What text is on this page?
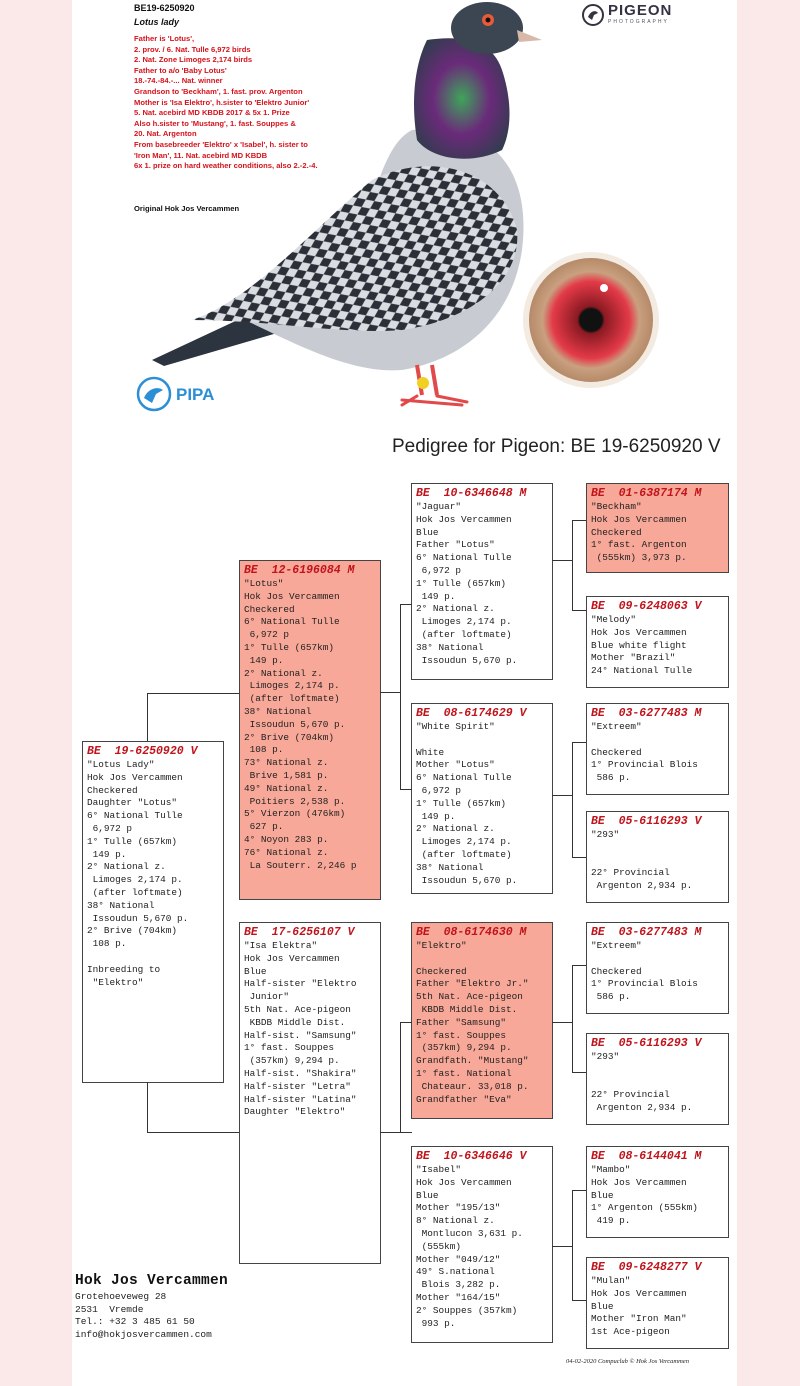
BE19-6250920
Lotus lady
Father is 'Lotus',
2. prov. / 6. Nat. Tulle 6,972 birds
2. Nat. Zone Limoges 2,174 birds
Father to a/o 'Baby Lotus'
18.-74.-84.-... Nat. winner
Grandson to 'Beckham', 1. fast. prov. Argenton
Mother is 'Isa Elektro', h.sister to 'Elektro Junior'
5. Nat. acebird MD KBDB 2017 & 5x 1. Prize
Also h.sister to 'Mustang', 1. fast. Souppes &
20. Nat. Argenton
From basebreeder 'Elektro' x 'Isabel', h. sister to
'Iron Man', 11. Nat. acebird MD KBDB
6x 1. prize on hard weather conditions, also 2.-2.-4.
Original Hok Jos Vercammen
PIGEON
PHOTOGRAPHY
PIPA
Pedigree for Pigeon: BE 19-6250920 V
BE  19-6250920 V
"Lotus Lady"
Hok Jos Vercammen
Checkered
Daughter "Lotus"
6° National Tulle
6,972 p
1° Tulle (657km)
149 p.
2° National z.
Limoges 2,174 p.
(after loftmate)
38° National
Issoudun 5,670 p.
2° Brive (704km)
108 p.

Inbreeding to
"Elektro"
BE  12-6196084 M
"Lotus"
Hok Jos Vercammen
Checkered
6° National Tulle
6,972 p
1° Tulle (657km)
149 p.
2° National z.
Limoges 2,174 p.
(after loftmate)
38° National
Issoudun 5,670 p.
2° Brive (704km)
108 p.
73° National z.
Brive 1,581 p.
49° National z.
Poitiers 2,538 p.
5° Vierzon (476km)
627 p.
4° Noyon 283 p.
76° National z.
La Souterr. 2,246 p
BE  17-6256107 V
"Isa Elektra"
Hok Jos Vercammen
Blue
Half-sister "Elektro
Junior"
5th Nat. Ace-pigeon
KBDB Middle Dist.
Half-sist. "Samsung"
1° fast. Souppes
(357km) 9,294 p.
Half-sist. "Shakira"
Half-sister "Letra"
Half-sister "Latina"
Daughter "Elektro"
BE  10-6346648 M
"Jaguar"
Hok Jos Vercammen
Blue
Father "Lotus"
6° National Tulle
6,972 p
1° Tulle (657km)
149 p.
2° National z.
Limoges 2,174 p.
(after loftmate)
38° National
Issoudun 5,670 p.
BE  08-6174629 V
"White Spirit"

White
Mother "Lotus"
6° National Tulle
6,972 p
1° Tulle (657km)
149 p.
2° National z.
Limoges 2,174 p.
(after loftmate)
38° National
Issoudun 5,670 p.
BE  08-6174630 M
"Elektro"

Checkered
Father "Elektro Jr."
5th Nat. Ace-pigeon
KBDB Middle Dist.
Father "Samsung"
1° fast. Souppes
(357km) 9,294 p.
Grandfath. "Mustang"
1° fast. National
Chateaur. 33,018 p.
Grandfather "Eva"
BE  10-6346646 V
"Isabel"
Hok Jos Vercammen
Blue
Mother "195/13"
8° National z.
Montlucon 3,631 p.
(555km)
Mother "049/12"
49° S.national
Blois 3,282 p.
Mother "164/15"
2° Souppes (357km)
993 p.
BE  01-6387174 M
"Beckham"
Hok Jos Vercammen
Checkered
1° fast. Argenton
(555km) 3,973 p.
BE  09-6248063 V
"Melody"
Hok Jos Vercammen
Blue white flight
Mother "Brazil"
24° National Tulle
BE  03-6277483 M
"Extreem"

Checkered
1° Provincial Blois
586 p.
BE  05-6116293 V
"293"

22° Provincial
Argenton 2,934 p.
BE  03-6277483 M
"Extreem"

Checkered
1° Provincial Blois
586 p.
BE  05-6116293 V
"293"

22° Provincial
Argenton 2,934 p.
BE  08-6144041 M
"Mambo"
Hok Jos Vercammen
Blue
1° Argenton (555km)
419 p.
BE  09-6248277 V
"Mulan"
Hok Jos Vercammen
Blue
Mother "Iron Man"
1st Ace-pigeon
Hok Jos Vercammen
Grotehoeveweg 28
2531  Vremde
Tel.: +32 3 485 61 50
info@hokjosvercammen.com
04-02-2020 Compuclub © Hok Jos Vercammen
